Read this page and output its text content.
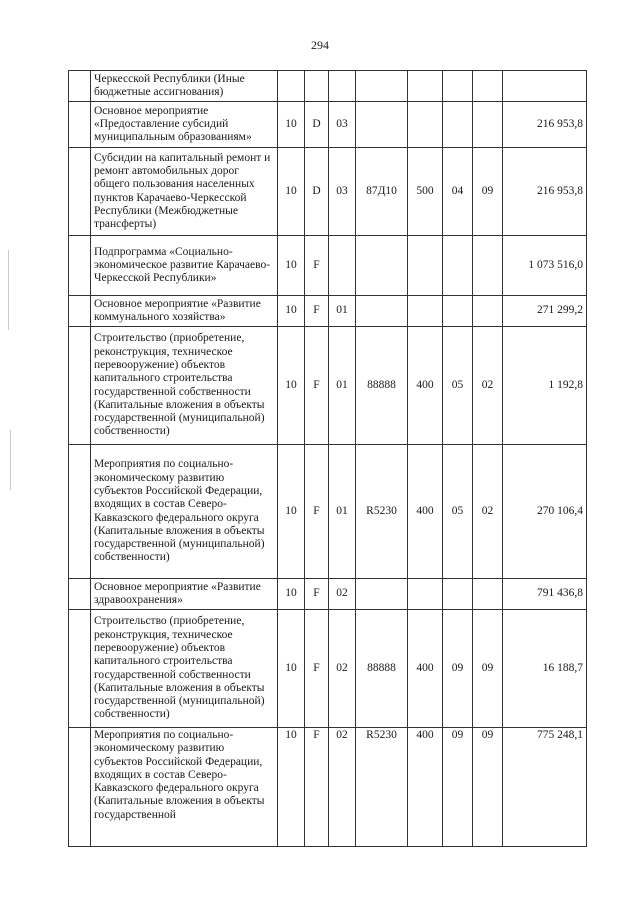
294
	Черкесской Республики (Иные бюджетные ассигнования)								
	Основное мероприятие «Предоставление субсидий муниципальным образованиям»	10	D	03					216 953,8
	Субсидии на капитальный ремонт и ремонт автомобильных дорог общего пользования населенных пунктов Карачаево-Черкесской Республики (Межбюджетные трансферты)	10	D	03	87Д10	500	04	09	216 953,8
	Подпрограмма «Социально-экономическое развитие Карачаево-Черкесской Республики»	10	F						1 073 516,0
	Основное мероприятие «Развитие коммунального хозяйства»	10	F	01					271 299,2
	Строительство (приобретение, реконструкция, техническое перевооружение) объектов капитального строительства государственной собственности (Капитальные вложения в объекты государственной (муниципальной) собственности)	10	F	01	88888	400	05	02	1 192,8
	Мероприятия по социально-экономическому развитию субъектов Российской Федерации, входящих в состав Северо-Кавказского федерального округа (Капитальные вложения в объекты государственной (муниципальной) собственности)	10	F	01	R5230	400	05	02	270 106,4
	Основное мероприятие «Развитие здравоохранения»	10	F	02					791 436,8
	Строительство (приобретение, реконструкция, техническое перевооружение) объектов капитального строительства государственной собственности (Капитальные вложения в объекты государственной (муниципальной) собственности)	10	F	02	88888	400	09	09	16 188,7
	Мероприятия по социально-экономическому развитию субъектов Российской Федерации, входящих в состав Северо-Кавказского федерального округа (Капитальные вложения в объекты государственной	10	F	02	R5230	400	09	09	775 248,1
